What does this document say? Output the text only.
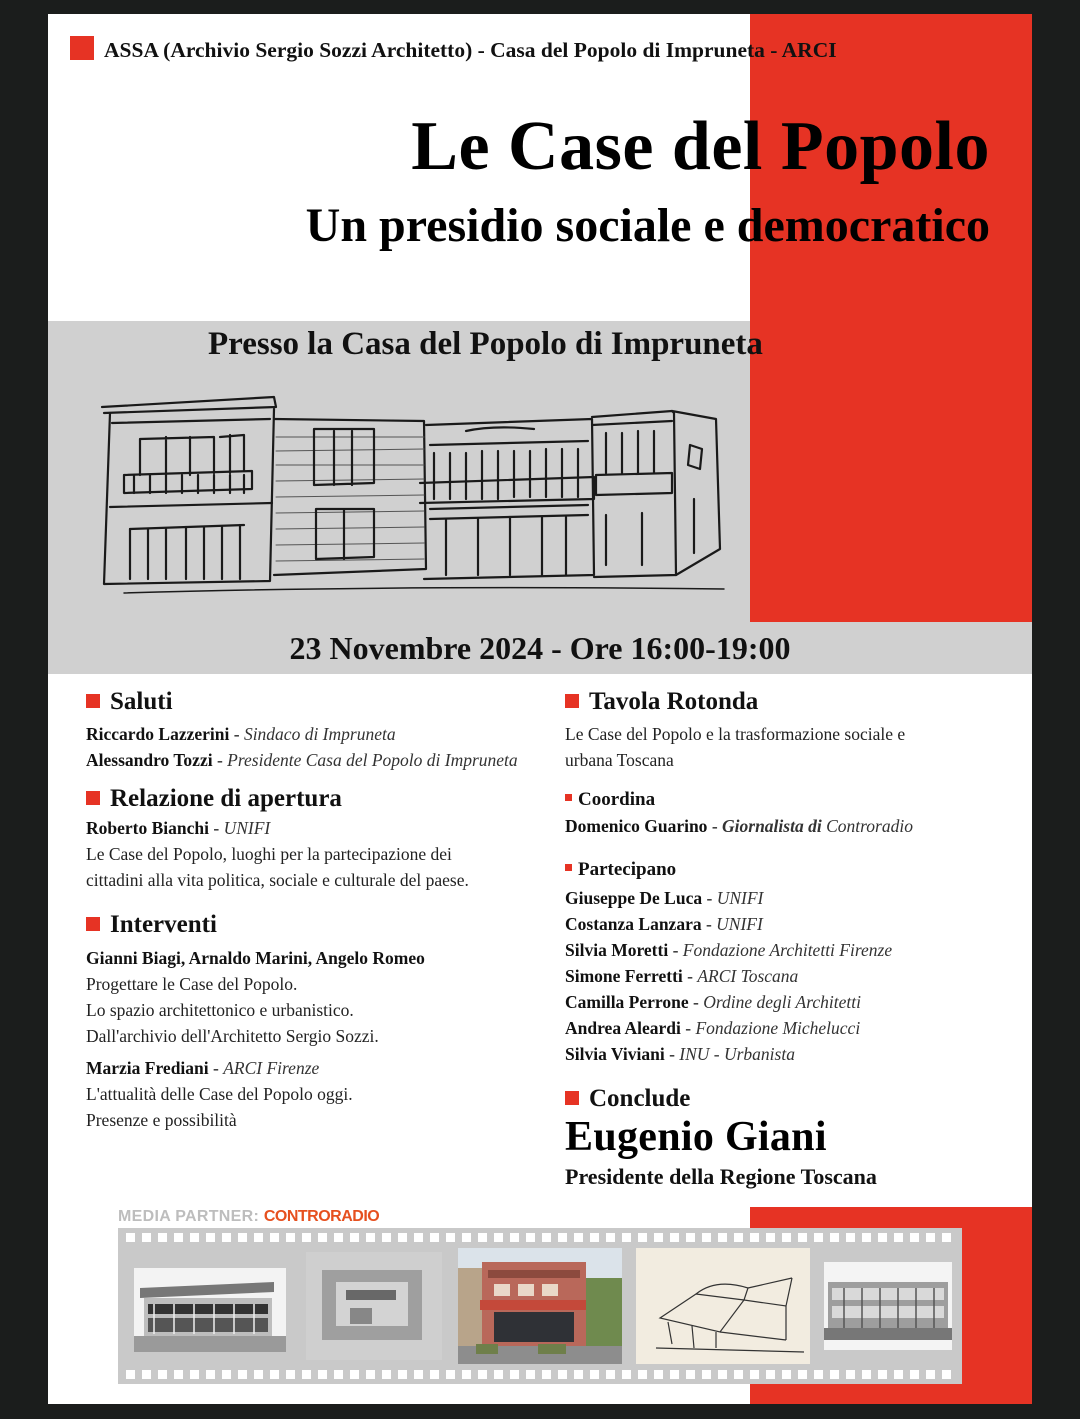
ASSA (Archivio Sergio Sozzi Architetto) - Casa del Popolo di Impruneta - ARCI
Le Case del Popolo
Un presidio sociale e democratico
Presso la Casa del Popolo di Impruneta
23 Novembre 2024 - Ore 16:00-19:00
Saluti
Riccardo Lazzerini - Sindaco di Impruneta
Alessandro Tozzi - Presidente Casa del Popolo di Impruneta
Relazione di apertura
Roberto Bianchi - UNIFI
Le Case del Popolo, luoghi per la partecipazione dei
cittadini alla vita politica, sociale e culturale del paese.
Interventi
Gianni Biagi, Arnaldo Marini, Angelo Romeo
Progettare le Case del Popolo.
Lo spazio architettonico e urbanistico.
Dall'archivio dell'Architetto Sergio Sozzi.
Marzia Frediani - ARCI Firenze
L'attualità delle Case del Popolo oggi.
Presenze e possibilità
Tavola Rotonda
Le Case del Popolo e la trasformazione sociale e
urbana Toscana
Coordina
Domenico Guarino - Giornalista di Controradio
Partecipano
Giuseppe De Luca - UNIFI
Costanza Lanzara - UNIFI
Silvia Moretti - Fondazione Architetti Firenze
Simone Ferretti - ARCI Toscana
Camilla Perrone - Ordine degli Architetti
Andrea Aleardi - Fondazione Michelucci
Silvia Viviani - INU - Urbanista
Conclude
Eugenio Giani
Presidente della Regione Toscana
MEDIA PARTNER: CONTRORADIO
